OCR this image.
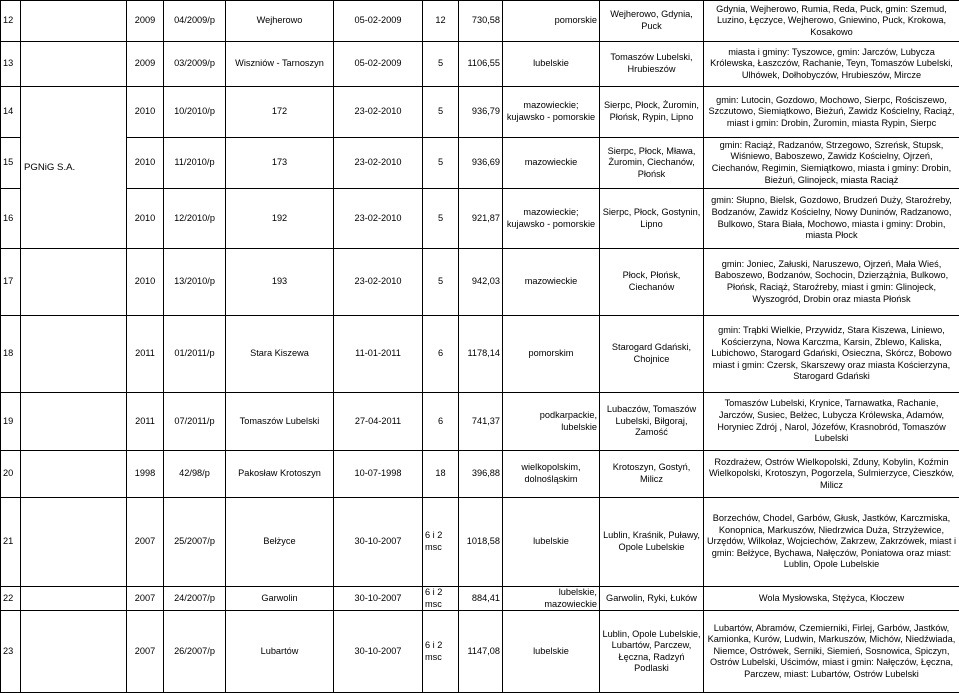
12		2009	04/2009/p	Wejherowo	05-02-2009	12	730,58	pomorskie	Wejherowo, Gdynia, Puck	Gdynia, Wejherowo, Rumia, Reda, Puck, gmin: Szemud, Luzino, Łęczyce, Wejherowo, Gniewino, Puck, Krokowa, Kosakowo
13		2009	03/2009/p	Wiszniów - Tarnoszyn	05-02-2009	5	1106,55	lubelskie	Tomaszów Lubelski, Hrubieszów	miasta i gminy: Tyszowce, gmin: Jarczów, Lubycza Królewska, Łaszczów, Rachanie, Teyn, Tomaszów Lubelski, Ulhówek, Dołhobyczów, Hrubieszów, Mircze
14	PGNiG S.A.	2010	10/2010/p	172	23-02-2010	5	936,79	mazowieckie; kujawsko - pomorskie	Sierpc, Płock, Żuromin, Płońsk, Rypin, Lipno	gmin: Lutocin, Gozdowo, Mochowo, Sierpc, Rościszewo, Szczutowo, Siemiątkowo, Bieżuń, Zawidz Kościelny, Raciąż, miast i gmin: Drobin, Żuromin, miasta Rypin, Sierpc
15		2010	11/2010/p	173	23-02-2010	5	936,69	mazowieckie	Sierpc, Płock, Mława, Żuromin, Ciechanów, Płońsk	gmin: Raciąż, Radzanów, Strzegowo, Szreńsk, Stupsk, Wiśniewo, Baboszewo, Zawidz Kościelny, Ojrzeń, Ciechanów, Regimin, Siemiątkowo, miasta i gminy: Drobin, Bieżuń, Glinojeck, miasta Raciąż
16		2010	12/2010/p	192	23-02-2010	5	921,87	mazowieckie; kujawsko - pomorskie	Sierpc, Płock, Gostynin, Lipno	gmin: Słupno, Bielsk, Gozdowo, Brudzeń Duży, Staroźreby, Bodzanów, Zawidz Kościelny, Nowy Duninów, Radzanowo, Bulkowo, Stara Biała, Mochowo, miasta i gminy: Drobin, miasta Płock
17		2010	13/2010/p	193	23-02-2010	5	942,03	mazowieckie	Płock, Płońsk, Ciechanów	gmin: Joniec, Załuski, Naruszewo, Ojrzeń, Mała Wieś, Baboszewo, Bodzanów, Sochocin, Dzierzążnia, Bulkowo, Płońsk, Raciąż, Staroźreby, miast i gmin: Glinojeck, Wyszogród, Drobin oraz miasta Płońsk
18		2011	01/2011/p	Stara Kiszewa	11-01-2011	6	1178,14	pomorskim	Starogard Gdański, Chojnice	gmin: Trąbki Wielkie, Przywidz, Stara Kiszewa, Liniewo, Kościerzyna, Nowa Karczma, Karsin, Zblewo, Kaliska, Lubichowo, Starogard Gdański, Osieczna, Skórcz, Bobowo miast i gmin: Czersk, Skarszewy oraz miasta Kościerzyna, Starogard Gdański
19		2011	07/2011/p	Tomaszów Lubelski	27-04-2011	6	741,37	podkarpackie, lubelskie	Lubaczów, Tomaszów Lubelski, Biłgoraj, Zamość	Tomaszów Lubelski, Krynice, Tarnawatka, Rachanie, Jarczów, Susiec, Bełżec, Lubycza Królewska, Adamów, Horyniec Zdrój , Narol, Józefów, Krasnobród, Tomaszów Lubelski
20		1998	42/98/p	Pakosław Krotoszyn	10-07-1998	18	396,88	wielkopolskim, dolnośląskim	Krotoszyn, Gostyń, Milicz	Rozdrażew, Ostrów Wielkopolski, Zduny, Kobylin, Koźmin Wielkopolski, Krotoszyn, Pogorzela, Sulmierzyce, Cieszków, Milicz
21		2007	25/2007/p	Bełżyce	30-10-2007	6 i 2 msc	1018,58	lubelskie	Lublin, Kraśnik, Puławy, Opole Lubelskie	Borzechów, Chodel, Garbów, Głusk, Jastków, Karczmiska, Konopnica, Markuszów, Niedrzwica Duża, Strzyżewice, Urzędów, Wilkołaz, Wojciechów, Zakrzew, Zakrzówek, miast i gmin: Bełżyce, Bychawa, Nałęczów, Poniatowa oraz miast: Lublin, Opole Lubelskie
22		2007	24/2007/p	Garwolin	30-10-2007	6 i 2 msc	884,41	lubelskie, mazowieckie	Garwolin, Ryki, Łuków	Wola Mysłowska, Stężyca, Kłoczew
23		2007	26/2007/p	Lubartów	30-10-2007	6 i 2 msc	1147,08	lubelskie	Lublin, Opole Lubelskie, Lubartów, Parczew, Łęczna, Radzyń Podlaski	Lubartów, Abramów, Czemierniki, Firlej, Garbów, Jastków, Kamionka, Kurów, Ludwin, Markuszów, Michów, Niedźwiada, Niemce, Ostrówek, Serniki, Siemień, Sosnowica, Spiczyn, Ostrów Lubelski, Uścimów, miast i gmin: Nałęczów, Łęczna, Parczew, miast: Lubartów, Ostrów Lubelski
